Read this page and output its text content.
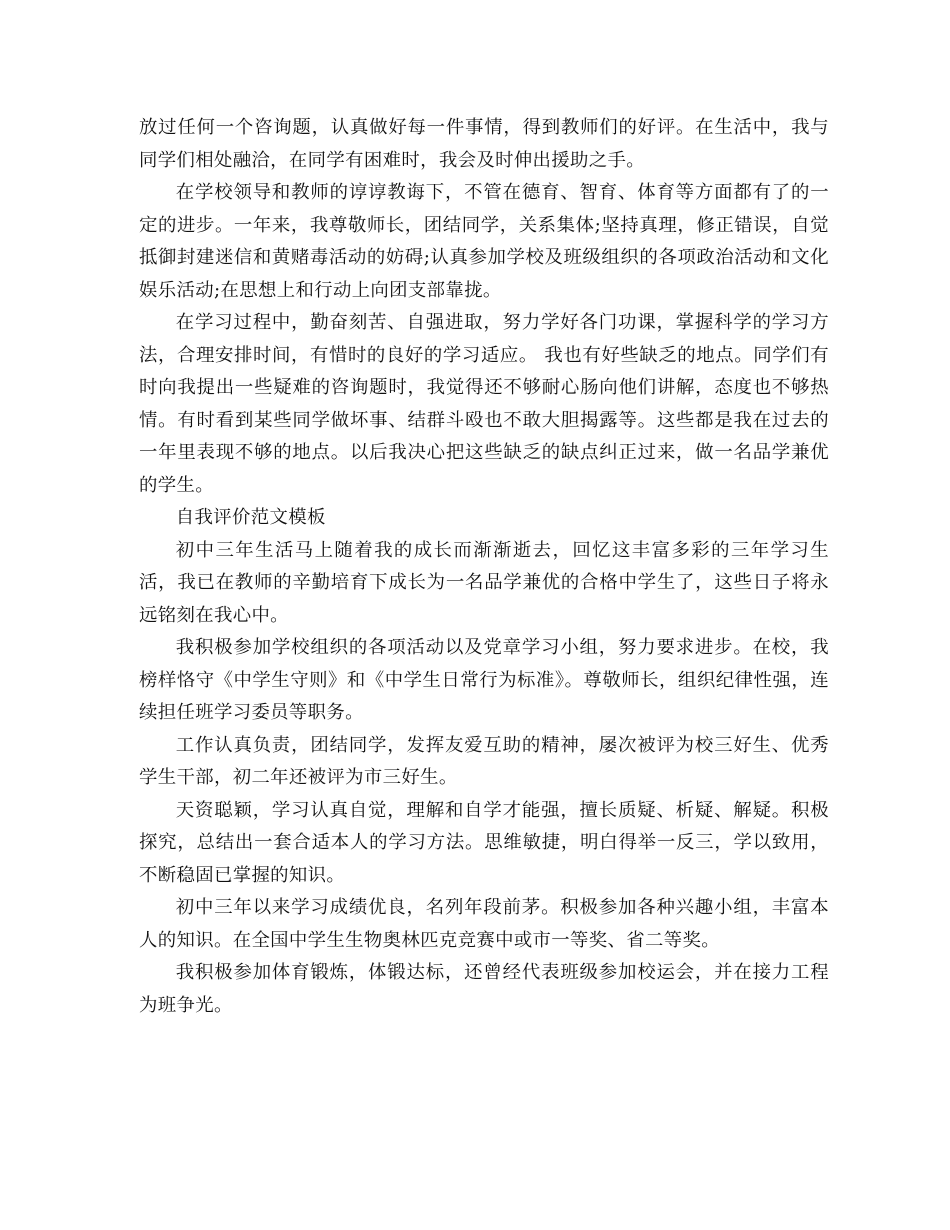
放过任何一个咨询题，认真做好每一件事情，得到教师们的好评。在生活中，我与同学们相处融洽，在同学有困难时，我会及时伸出援助之手。

在学校领导和教师的谆谆教诲下，不管在德育、智育、体育等方面都有了的一定的进步。一年来，我尊敬师长，团结同学，关系集体;坚持真理，修正错误，自觉抵御封建迷信和黄赌毒活动的妨碍;认真参加学校及班级组织的各项政治活动和文化娱乐活动;在思想上和行动上向团支部靠拢。

在学习过程中，勤奋刻苦、自强进取，努力学好各门功课，掌握科学的学习方法，合理安排时间，有惜时的良好的学习适应。 我也有好些缺乏的地点。同学们有时向我提出一些疑难的咨询题时，我觉得还不够耐心肠向他们讲解，态度也不够热情。有时看到某些同学做坏事、结群斗殴也不敢大胆揭露等。这些都是我在过去的一年里表现不够的地点。以后我决心把这些缺乏的缺点纠正过来，做一名品学兼优的学生。

自我评价范文模板

初中三年生活马上随着我的成长而渐渐逝去，回忆这丰富多彩的三年学习生活，我已在教师的辛勤培育下成长为一名品学兼优的合格中学生了，这些日子将永远铭刻在我心中。

我积极参加学校组织的各项活动以及党章学习小组，努力要求进步。在校，我榜样恪守《中学生守则》和《中学生日常行为标准》。尊敬师长，组织纪律性强，连续担任班学习委员等职务。

工作认真负责，团结同学，发挥友爱互助的精神，屡次被评为校三好生、优秀学生干部，初二年还被评为市三好生。

天资聪颖，学习认真自觉，理解和自学才能强，擅长质疑、析疑、解疑。积极探究，总结出一套合适本人的学习方法。思维敏捷，明白得举一反三，学以致用，不断稳固已掌握的知识。

初中三年以来学习成绩优良，名列年段前茅。积极参加各种兴趣小组，丰富本人的知识。在全国中学生生物奥林匹克竞赛中或市一等奖、省二等奖。

我积极参加体育锻炼，体锻达标，还曾经代表班级参加校运会，并在接力工程为班争光。
